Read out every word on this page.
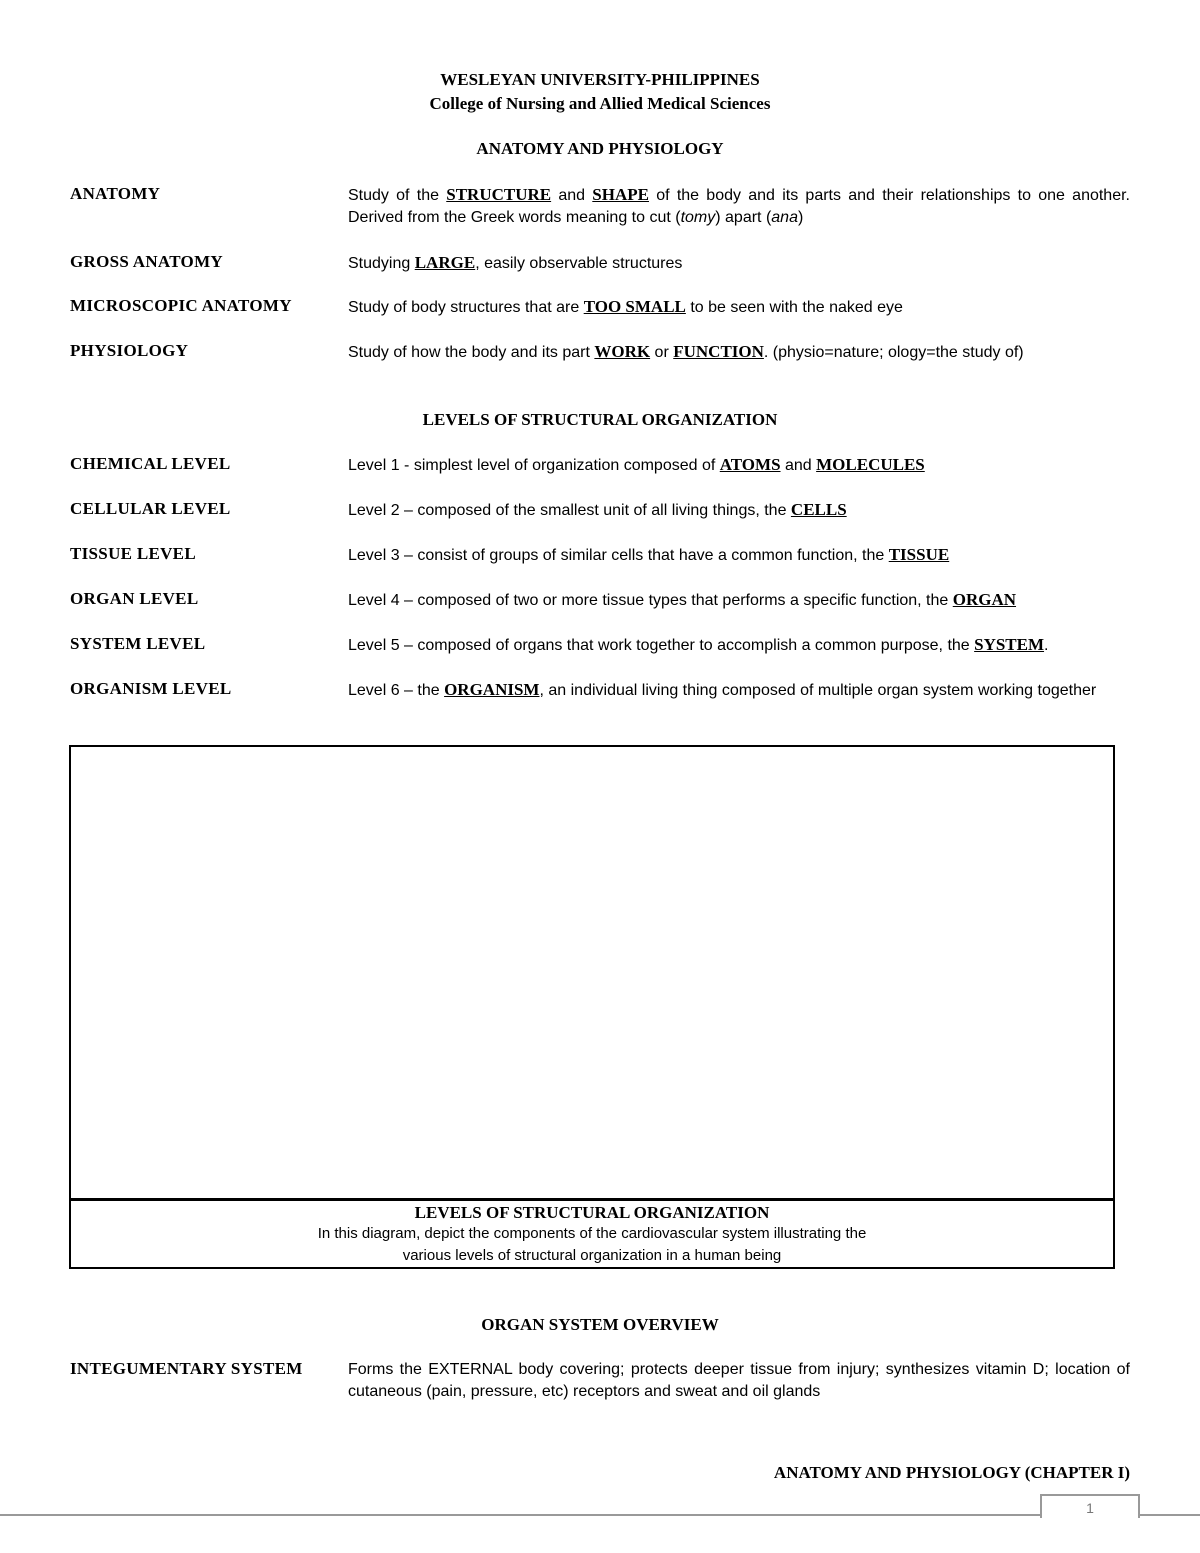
WESLEYAN UNIVERSITY-PHILIPPINES
College of Nursing and Allied Medical Sciences
ANATOMY AND PHYSIOLOGY
ANATOMY	Study of the STRUCTURE and SHAPE of the body and its parts and their relationships to one another. Derived from the Greek words meaning to cut (tomy) apart (ana)
GROSS ANATOMY	Studying LARGE, easily observable structures
MICROSCOPIC ANATOMY	Study of body structures that are TOO SMALL to be seen with the naked eye
PHYSIOLOGY	Study of how the body and its part WORK or FUNCTION. (physio=nature; ology=the study of)
LEVELS OF STRUCTURAL ORGANIZATION
CHEMICAL LEVEL	Level 1 - simplest level of organization composed of ATOMS and MOLECULES
CELLULAR LEVEL	Level 2 – composed of the smallest unit of all living things, the CELLS
TISSUE LEVEL	Level 3 – consist of groups of similar cells that have a common function, the TISSUE
ORGAN LEVEL	Level 4 – composed of two or more tissue types that performs a specific function, the ORGAN
SYSTEM LEVEL	Level 5 – composed of organs that work together to accomplish a common purpose, the SYSTEM.
ORGANISM LEVEL	Level 6 – the ORGANISM, an individual living thing composed of multiple organ system working together
LEVELS OF STRUCTURAL ORGANIZATION
In this diagram, depict the components of the cardiovascular system illustrating the
various levels of structural organization in a human being
ORGAN SYSTEM OVERVIEW
INTEGUMENTARY SYSTEM	Forms the EXTERNAL body covering; protects deeper tissue from injury; synthesizes vitamin D; location of cutaneous (pain, pressure, etc) receptors and sweat and oil glands
ANATOMY AND PHYSIOLOGY (CHAPTER I)
1
